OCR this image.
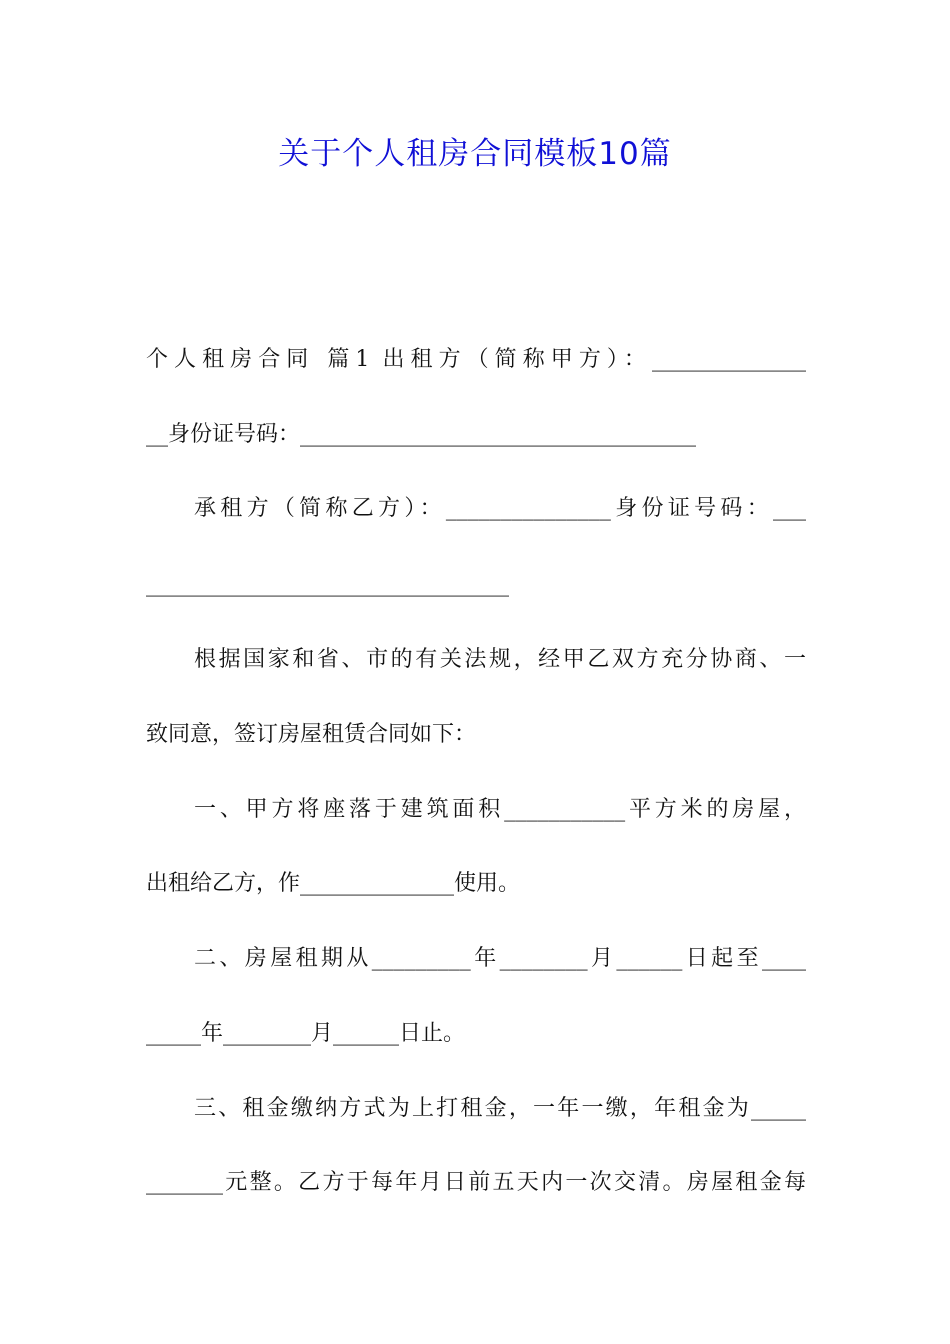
关于个人租房合同模板10篇
个人租房合同 篇1 出租方（简称甲方）：______________
__身份证号码：____________________________________
承租方（简称乙方）：_______________身份证号码：___
_________________________________
根据国家和省、市的有关法规，经甲乙双方充分协商、一
致同意，签订房屋租赁合同如下：
一、甲方将座落于建筑面积___________平方米的房屋，
出租给乙方，作______________使用。
二、房屋租期从_________年________月______日起至____
_____年________月______日止。
三、租金缴纳方式为上打租金，一年一缴，年租金为_____
_______元整。乙方于每年月日前五天内一次交清。房屋租金每
